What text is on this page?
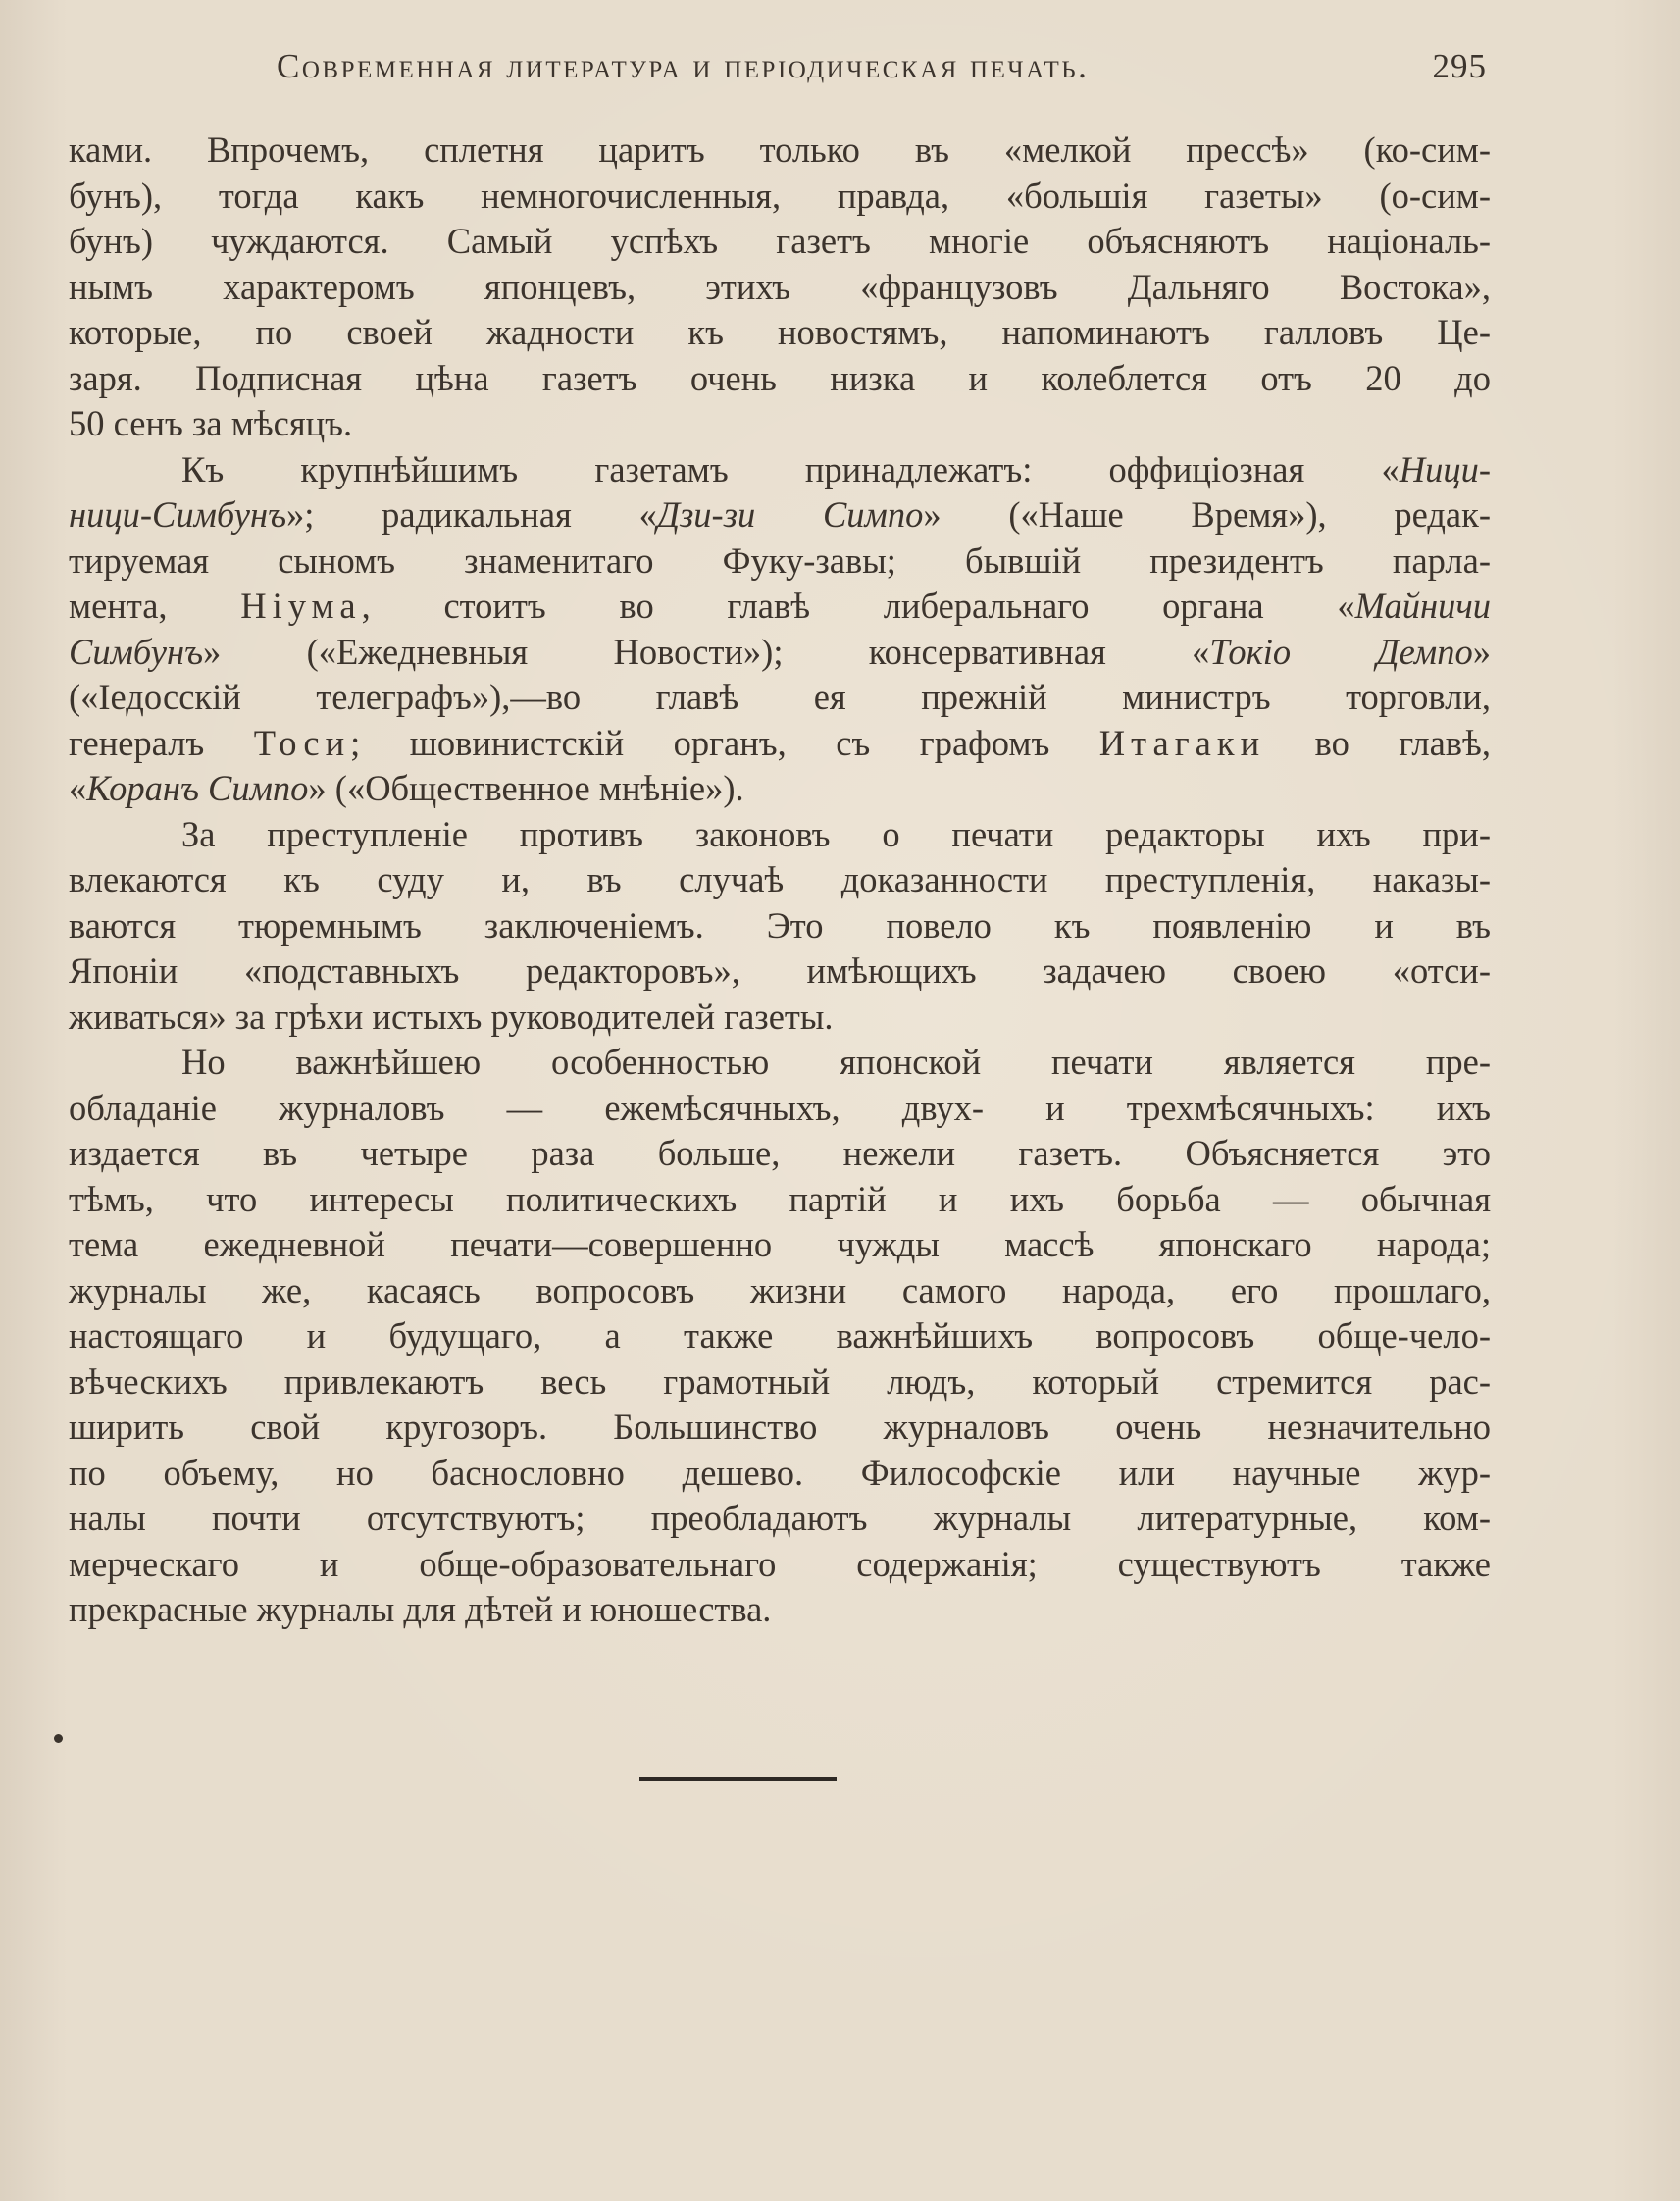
Современная литература и періодическая печать.	295
ками. Впрочемъ, сплетня царитъ только въ «мелкой прессѣ» (ко-сим-
бунъ), тогда какъ немногочисленныя, правда, «большія газеты» (о-сим-
бунъ) чуждаются. Самый успѣхъ газетъ многіе объясняютъ національ-
нымъ характеромъ японцевъ, этихъ «французовъ Дальняго Востока»,
которые, по своей жадности къ новостямъ, напоминаютъ галловъ Це-
заря. Подписная цѣна газетъ очень низка и колеблется отъ 20 до
50 сенъ за мѣсяцъ.
Къ крупнѣйшимъ газетамъ принадлежатъ: оффиціозная «Ници-
ници-Симбунъ»; радикальная «Дзи-зи Симпо» («Наше Время»), редак-
тируемая сыномъ знаменитаго Фуку-завы; бывшій президентъ парла-
мента, Ніума, стоитъ во главѣ либеральнаго органа «Майничи
Симбунъ» («Ежедневныя Новости»); консервативная «Токіо Демпо»
(«Іедосскій телеграфъ»),—во главѣ ея прежній министръ торговли,
генералъ Тоси; шовинистскій органъ, съ графомъ Итагаки во главѣ,
«Коранъ Симпо» («Общественное мнѣніе»).
За преступленіе противъ законовъ о печати редакторы ихъ при-
влекаются къ суду и, въ случаѣ доказанности преступленія, наказы-
ваются тюремнымъ заключеніемъ. Это повело къ появленію и въ
Японіи «подставныхъ редакторовъ», имѣющихъ задачею своею «отси-
живаться» за грѣхи истыхъ руководителей газеты.
Но важнѣйшею особенностью японской печати является пре-
обладаніе журналовъ — ежемѣсячныхъ, двух- и трехмѣсячныхъ: ихъ
издается въ четыре раза больше, нежели газетъ. Объясняется это
тѣмъ, что интересы политическихъ партій и ихъ борьба — обычная
тема ежедневной печати—совершенно чужды массѣ японскаго народа;
журналы же, касаясь вопросовъ жизни самого народа, его прошлаго,
настоящаго и будущаго, а также важнѣйшихъ вопросовъ обще-чело-
вѣческихъ привлекаютъ весь грамотный людъ, который стремится рас-
ширить свой кругозоръ. Большинство журналовъ очень незначительно
по объему, но баснословно дешево. Философскіе или научные жур-
налы почти отсутствуютъ; преобладаютъ журналы литературные, ком-
мерческаго и обще-образовательнаго содержанія; существуютъ также
прекрасные журналы для дѣтей и юношества.
